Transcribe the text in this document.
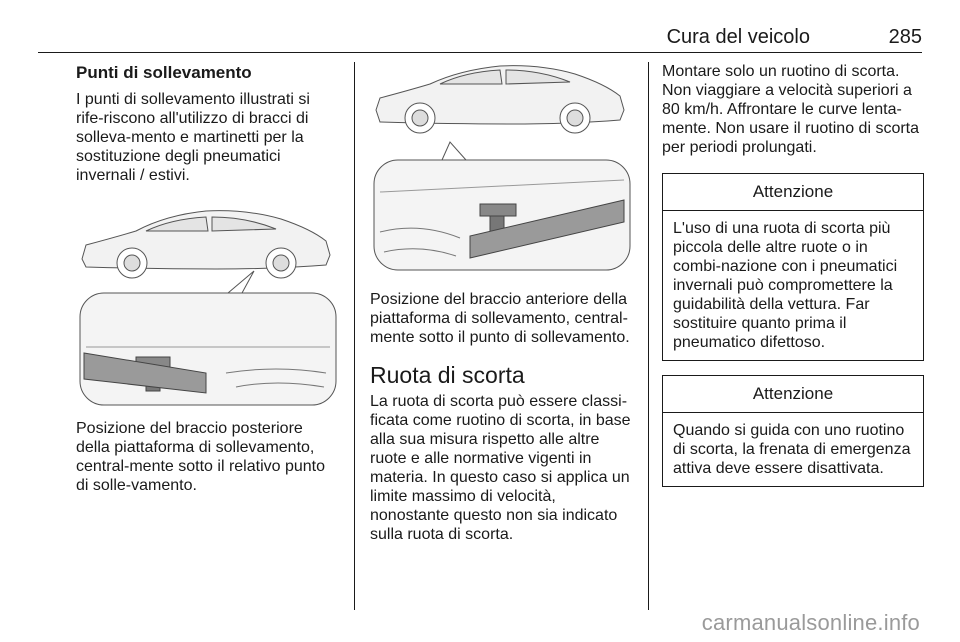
Cura del veicolo	285

Punti di sollevamento

I punti di sollevamento illustrati si rife-riscono all'utilizzo di bracci di solleva-mento e martinetti per la sostituzione degli pneumatici invernali / estivi.

Posizione del braccio posteriore della piattaforma di sollevamento, central-mente sotto il relativo punto di solle-vamento.

Posizione del braccio anteriore della piattaforma di sollevamento, central-mente sotto il punto di sollevamento.

Ruota di scorta

La ruota di scorta può essere classi-ficata come ruotino di scorta, in base alla sua misura rispetto alle altre ruote e alle normative vigenti in materia. In questo caso si applica un limite massimo di velocità, nonostante questo non sia indicato sulla ruota di scorta.

Montare solo un ruotino di scorta. Non viaggiare a velocità superiori a 80 km/h. Affrontare le curve lenta-mente. Non usare il ruotino di scorta per periodi prolungati.

Attenzione
L'uso di una ruota di scorta più piccola delle altre ruote o in combi-nazione con i pneumatici invernali può compromettere la guidabilità della vettura. Far sostituire quanto prima il pneumatico difettoso.
Attenzione
Quando si guida con uno ruotino di scorta, la frenata di emergenza attiva deve essere disattivata.
carmanualsonline.info
